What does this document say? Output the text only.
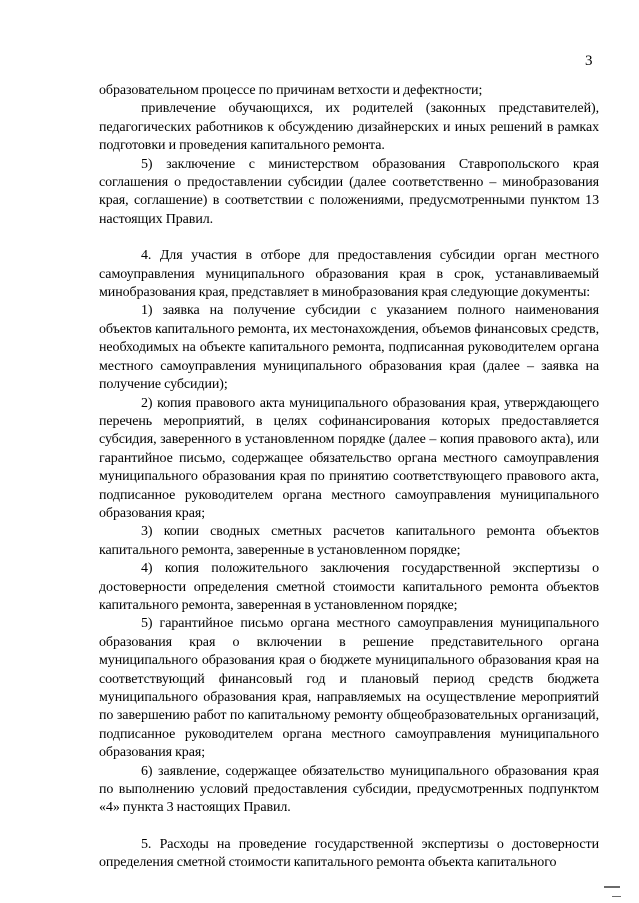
3

образовательном процессе по причинам ветхости и дефектности;

привлечение обучающихся, их родителей (законных представителей), педагогических работников к обсуждению дизайнерских и иных решений в рамках подготовки и проведения капитального ремонта.

5) заключение с министерством образования Ставропольского края соглашения о предоставлении субсидии (далее соответственно – минобразования края, соглашение) в соответствии с положениями, предусмотренными пунктом 13 настоящих Правил.

4. Для участия в отборе для предоставления субсидии орган местного самоуправления муниципального образования края в срок, устанавливаемый минобразования края, представляет в минобразования края следующие документы:

1) заявка на получение субсидии с указанием полного наименования объектов капитального ремонта, их местонахождения, объемов финансовых средств, необходимых на объекте капитального ремонта, подписанная руководителем органа местного самоуправления муниципального образования края (далее – заявка на получение субсидии);

2) копия правового акта муниципального образования края, утверждающего перечень мероприятий, в целях софинансирования которых предоставляется субсидия, заверенного в установленном порядке (далее – копия правового акта), или гарантийное письмо, содержащее обязательство органа местного самоуправления муниципального образования края по принятию соответствующего правового акта, подписанное руководителем органа местного самоуправления муниципального образования края;

3) копии сводных сметных расчетов капитального ремонта объектов капитального ремонта, заверенные в установленном порядке;

4) копия положительного заключения государственной экспертизы о достоверности определения сметной стоимости капитального ремонта объектов капитального ремонта, заверенная в установленном порядке;

5) гарантийное письмо органа местного самоуправления муниципального образования края о включении в решение представительного органа муниципального образования края о бюджете муниципального образования края на соответствующий финансовый год и плановый период средств бюджета муниципального образования края, направляемых на осуществление мероприятий по завершению работ по капитальному ремонту общеобразовательных организаций, подписанное руководителем органа местного самоуправления муниципального образования края;

6) заявление, содержащее обязательство муниципального образования края по выполнению условий предоставления субсидии, предусмотренных подпунктом «4» пункта 3 настоящих Правил.

5. Расходы на проведение государственной экспертизы о достоверности определения сметной стоимости капитального ремонта объекта капитального
